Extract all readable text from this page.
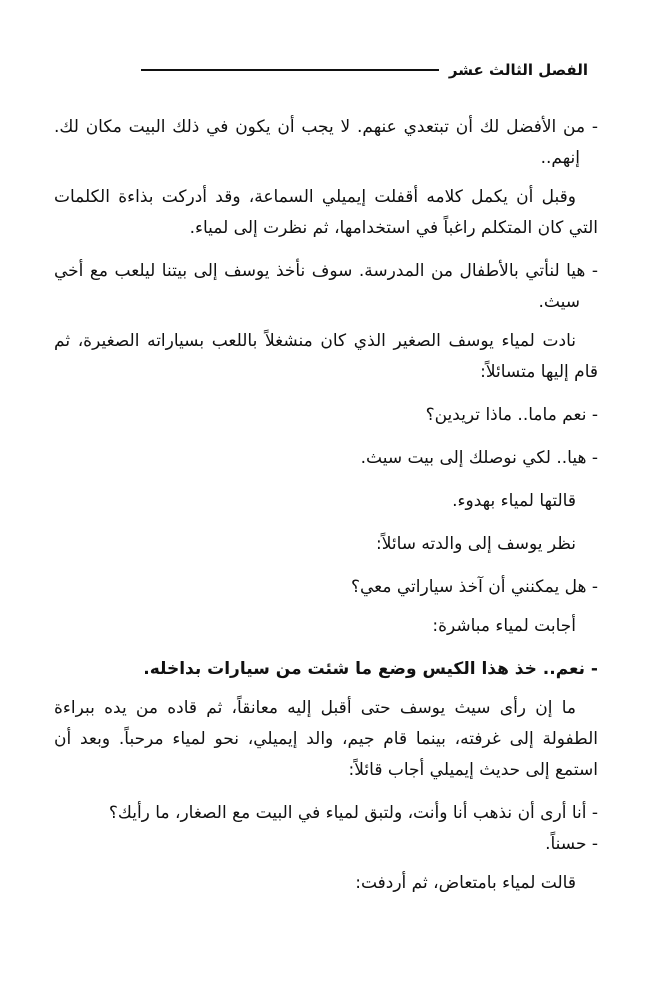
الفصل الثالث عشر

- من الأفضل لك أن تبتعدي عنهم. لا يجب أن يكون في ذلك البيت مكان لك. إنهم..

وقبل أن يكمل كلامه أقفلت إيميلي السماعة، وقد أدركت بذاءة الكلمات التي كان المتكلم راغباً في استخدامها، ثم نظرت إلى لمياء.

- هيا لنأتي بالأطفال من المدرسة. سوف نأخذ يوسف إلى بيتنا ليلعب مع أخي سيث.

نادت لمياء يوسف الصغير الذي كان منشغلاً باللعب بسياراته الصغيرة، ثم قام إليها متسائلاً:

- نعم ماما.. ماذا تريدين؟

- هيا.. لكي نوصلك إلى بيت سيث.

قالتها لمياء بهدوء.

نظر يوسف إلى والدته سائلاً:

- هل يمكنني أن آخذ سياراتي معي؟

أجابت لمياء مباشرة:

- نعم.. خذ هذا الكيس وضع ما شئت من سيارات بداخله.

ما إن رأى سيث يوسف حتى أقبل إليه معانقاً، ثم قاده من يده ببراءة الطفولة إلى غرفته، بينما قام جيم، والد إيميلي، نحو لمياء مرحباً. وبعد أن استمع إلى حديث إيميلي أجاب قائلاً:

- أنا أرى أن نذهب أنا وأنت، ولتبق لمياء في البيت مع الصغار، ما رأيك؟

- حسناً.

قالت لمياء بامتعاض، ثم أردفت:
